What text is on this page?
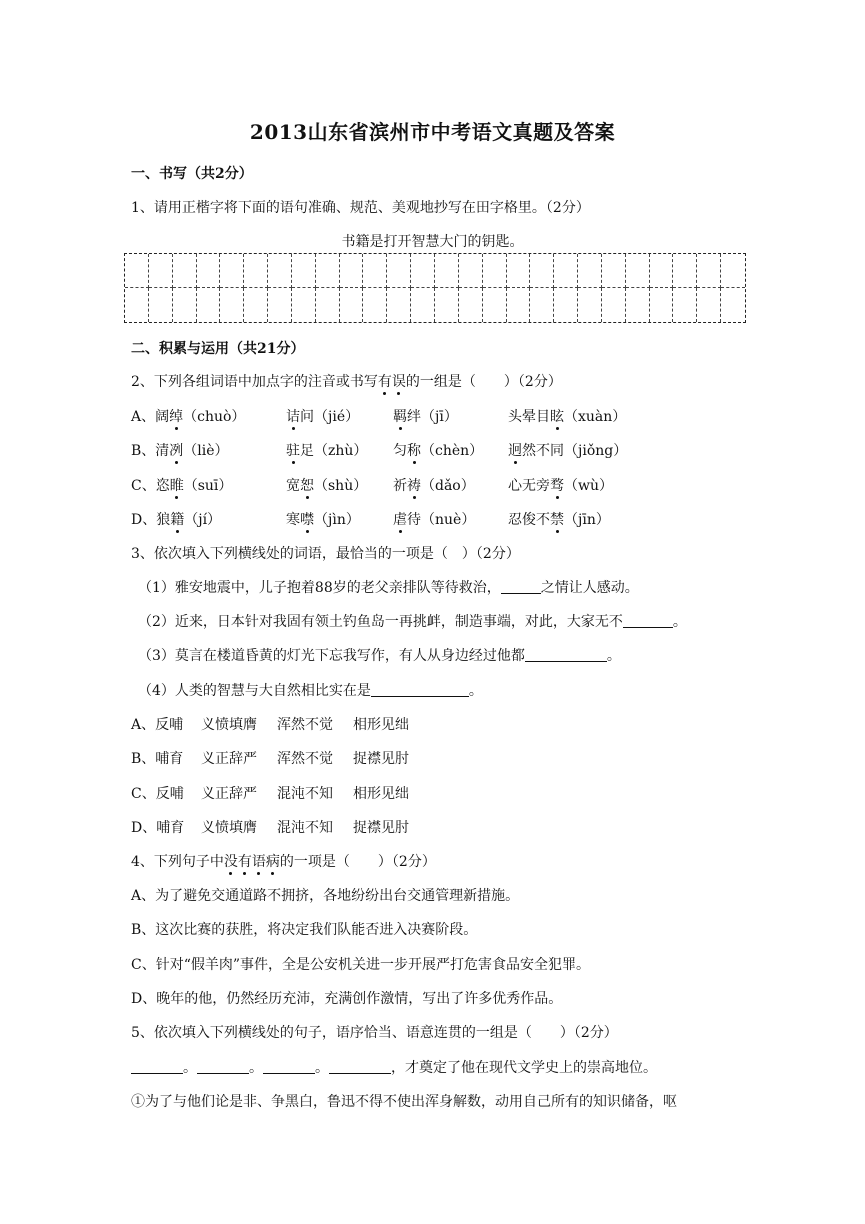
2013山东省滨州市中考语文真题及答案
一、书写（共2分）
1、请用正楷字将下面的语句准确、规范、美观地抄写在田字格里。（2分）
书籍是打开智慧大门的钥匙。
二、积累与运用（共21分）
2、下列各组词语中加点字的注音或书写有误的一组是（　　）（2分）
A、阔绰（chuò）	诘问（jié） 羁绊（jī）	头晕目眩（xuàn）
B、清冽（liè）	驻足（zhù） 匀称（chèn） 迥然不同（jiǒng）
C、恣睢（suī）	宽恕（shù） 祈祷（dǎo） 心无旁骛（wù）
D、狼籍（jí）	寒噤（jìn） 虐待（nuè） 忍俊不禁（jīn）
3、依次填入下列横线处的词语，最恰当的一项是（　）（2分）
（1）雅安地震中，儿子抱着88岁的老父亲排队等待救治，	之情让人感动。
（2）近来，日本针对我固有领土钓鱼岛一再挑衅，制造事端，对此，大家无不	。
（3）莫言在楼道昏黄的灯光下忘我写作，有人从身边经过他都	。
（4）人类的智慧与大自然相比实在是	。
A、反哺 义愤填膺 浑然不觉 相形见绌
B、哺育 义正辞严 浑然不觉 捉襟见肘
C、反哺 义正辞严 混沌不知 相形见绌
D、哺育 义愤填膺 混沌不知 捉襟见肘
4、下列句子中没有语病的一项是（　　）（2分）
A、为了避免交通道路不拥挤，各地纷纷出台交通管理新措施。
B、这次比赛的获胜，将决定我们队能否进入决赛阶段。
C、针对“假羊肉”事件，全是公安机关进一步开展严打危害食品安全犯罪。
D、晚年的他，仍然经历充沛，充满创作激情，写出了许多优秀作品。
5、依次填入下列横线处的句子，语序恰当、语意连贯的一组是（　　）（2分）
。	。	。	，才奠定了他在现代文学史上的崇高地位。
①为了与他们论是非、争黑白，鲁迅不得不使出浑身解数，动用自己所有的知识储备，呕
